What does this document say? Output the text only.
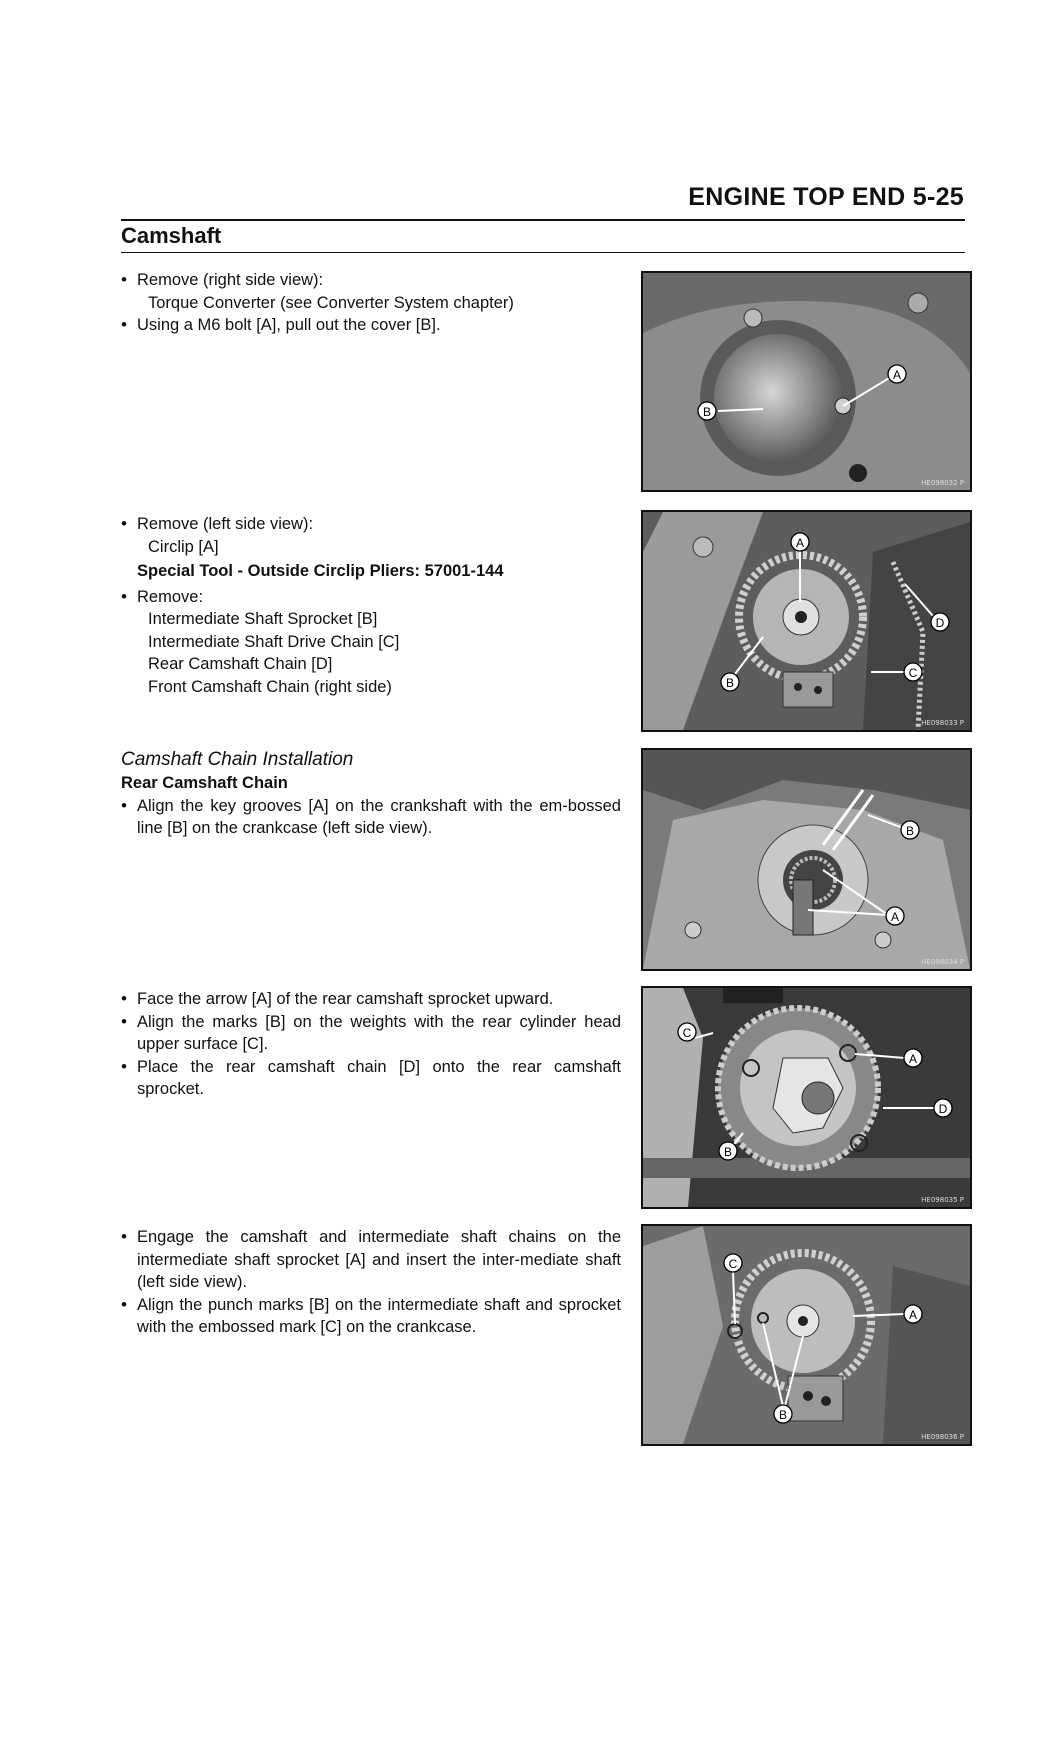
ENGINE TOP END 5-25
Camshaft
• Remove (right side view):
Torque Converter (see Converter System chapter)
• Using a M6 bolt [A], pull out the cover [B].
• Remove (left side view):
Circlip [A]
Special Tool - Outside Circlip Pliers: 57001-144
• Remove:
Intermediate Shaft Sprocket [B]
Intermediate Shaft Drive Chain [C]
Rear Camshaft Chain [D]
Front Camshaft Chain (right side)
Camshaft Chain Installation
Rear Camshaft Chain
• Align the key grooves [A] on the crankshaft with the em-bossed line [B] on the crankcase (left side view).
• Face the arrow [A] of the rear camshaft sprocket upward.
• Align the marks [B] on the weights with the rear cylinder head upper surface [C].
• Place the rear camshaft chain [D] onto the rear camshaft sprocket.
• Engage the camshaft and intermediate shaft chains on the intermediate shaft sprocket [A] and insert the inter-mediate shaft (left side view).
• Align the punch marks [B] on the intermediate shaft and sprocket with the embossed mark [C] on the crankcase.
A
B
HE098032 P
A
D
B
C
HE098033 P
B
A
HE098034 P
C
A
D
B
HE098035 P
C
A
B
HE098036 P
